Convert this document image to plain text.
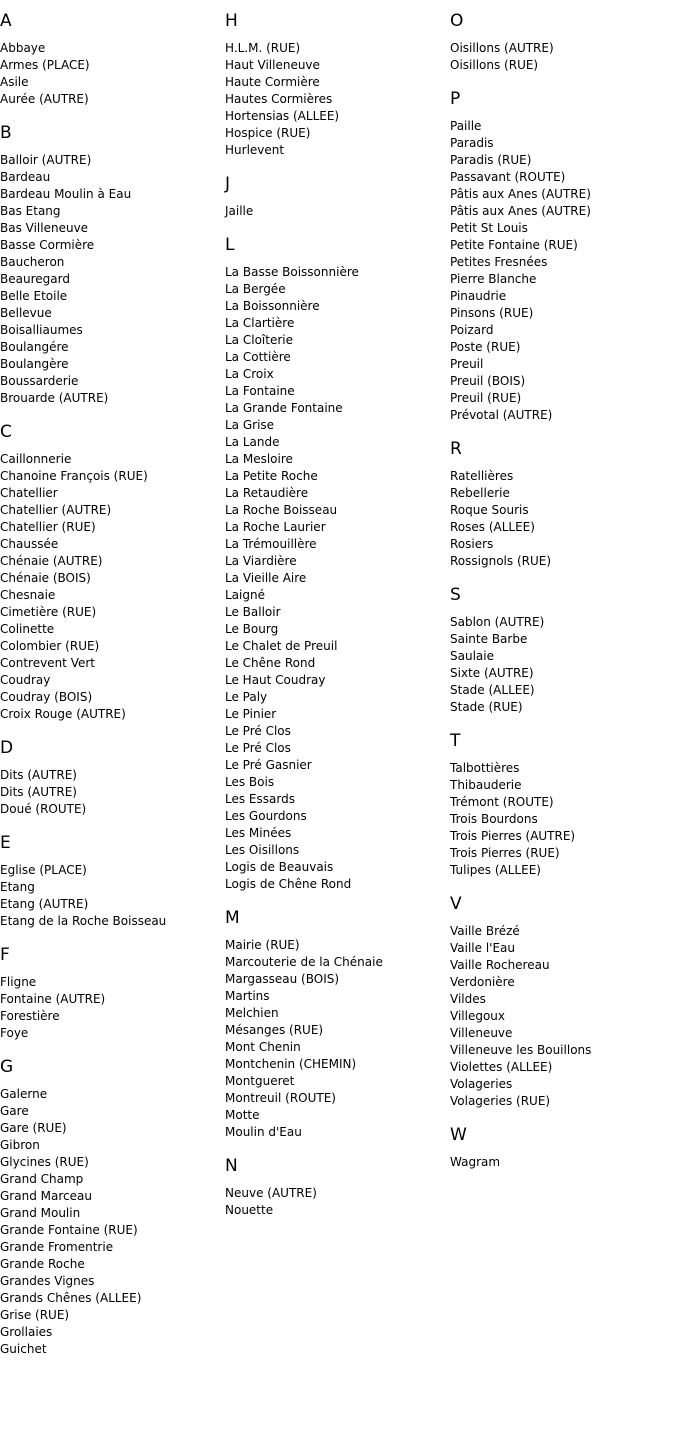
A
Abbaye
Armes (PLACE)
Asile
Aurée (AUTRE)
B
Balloir (AUTRE)
Bardeau
Bardeau Moulin à Eau
Bas Etang
Bas Villeneuve
Basse Cormière
Baucheron
Beauregard
Belle Etoile
Bellevue
Boisalliaumes
Boulangére
Boulangère
Boussarderie
Brouarde (AUTRE)
C
Caillonnerie
Chanoine François (RUE)
Chatellier
Chatellier (AUTRE)
Chatellier (RUE)
Chaussée
Chénaie (AUTRE)
Chénaie (BOIS)
Chesnaie
Cimetière (RUE)
Colinette
Colombier (RUE)
Contrevent Vert
Coudray
Coudray (BOIS)
Croix Rouge (AUTRE)
D
Dits (AUTRE)
Dits (AUTRE)
Doué (ROUTE)
E
Eglise (PLACE)
Etang
Etang (AUTRE)
Etang de la Roche Boisseau
F
Fligne
Fontaine (AUTRE)
Forestière
Foye
G
Galerne
Gare
Gare (RUE)
Gibron
Glycines (RUE)
Grand Champ
Grand Marceau
Grand Moulin
Grande Fontaine (RUE)
Grande Fromentrie
Grande Roche
Grandes Vignes
Grands Chênes (ALLEE)
Grise (RUE)
Grollaies
Guichet
H
H.L.M. (RUE)
Haut Villeneuve
Haute Cormière
Hautes Cormières
Hortensias (ALLEE)
Hospice (RUE)
Hurlevent
J
Jaille
L
La Basse Boissonnière
La Bergée
La Boissonnière
La Clartière
La Cloîterie
La Cottière
La Croix
La Fontaine
La Grande Fontaine
La Grise
La Lande
La Mesloire
La Petite Roche
La Retaudière
La Roche Boisseau
La Roche Laurier
La Trémouillère
La Viardière
La Vieille Aire
Laigné
Le Balloir
Le Bourg
Le Chalet de Preuil
Le Chêne Rond
Le Haut Coudray
Le Paly
Le Pinier
Le Pré Clos
Le Pré Clos
Le Pré Gasnier
Les Bois
Les Essards
Les Gourdons
Les Minées
Les Oisillons
Logis de Beauvais
Logis de Chêne Rond
M
Mairie (RUE)
Marcouterie de la Chénaie
Margasseau (BOIS)
Martins
Melchien
Mésanges (RUE)
Mont Chenin
Montchenin (CHEMIN)
Montgueret
Montreuil (ROUTE)
Motte
Moulin d'Eau
N
Neuve (AUTRE)
Nouette
O
Oisillons (AUTRE)
Oisillons (RUE)
P
Paille
Paradis
Paradis (RUE)
Passavant (ROUTE)
Pâtis aux Anes (AUTRE)
Pâtis aux Anes (AUTRE)
Petit St Louis
Petite Fontaine (RUE)
Petites Fresnées
Pierre Blanche
Pinaudrie
Pinsons (RUE)
Poizard
Poste (RUE)
Preuil
Preuil (BOIS)
Preuil (RUE)
Prévotal (AUTRE)
R
Ratellières
Rebellerie
Roque Souris
Roses (ALLEE)
Rosiers
Rossignols (RUE)
S
Sablon (AUTRE)
Sainte Barbe
Saulaie
Sixte (AUTRE)
Stade (ALLEE)
Stade (RUE)
T
Talbottières
Thibauderie
Trémont (ROUTE)
Trois Bourdons
Trois Pierres (AUTRE)
Trois Pierres (RUE)
Tulipes (ALLEE)
V
Vaille Brézé
Vaille l'Eau
Vaille Rochereau
Verdonière
Vildes
Villegoux
Villeneuve
Villeneuve les Bouillons
Violettes (ALLEE)
Volageries
Volageries (RUE)
W
Wagram
